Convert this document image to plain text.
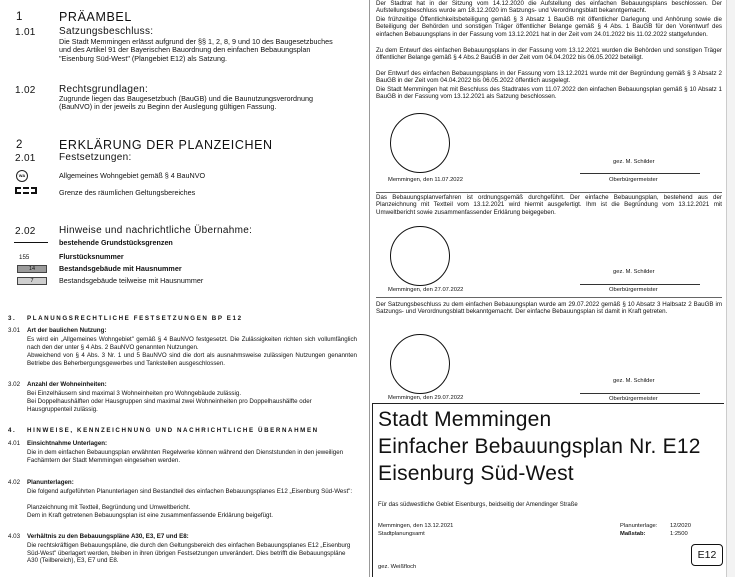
1	PRÄAMBEL
1.01 Satzungsbeschluss:
Die Stadt Memmingen erlässt aufgrund der §§ 1, 2, 8, 9 und 10 des Baugesetzbuches und des Artikel 91 der Bayerischen Bauordnung den einfachen Bebauungsplan "Eisenburg Süd-West" (Plangebiet E12) als Satzung.
1.02 Rechtsgrundlagen:
Zugrunde liegen das Baugesetzbuch (BauGB) und die Baunutzungsverordnung (BauNVO) in der jeweils zu Beginn der Auslegung gültigen Fassung.
2	ERKLÄRUNG DER PLANZEICHEN
2.01 Festsetzungen:
WA	Allgemeines Wohngebiet gemäß § 4 BauNVO
Grenze des räumlichen Geltungsbereiches
2.02 Hinweise und nachrichtliche Übernahme:
bestehende Grundstücksgrenzen
155	Flurstücksnummer
14	Bestandsgebäude mit Hausnummer
7	Bestandsgebäude teilweise mit Hausnummer
3. PLANUNGSRECHTLICHE FESTSETZUNGEN BP E12
3.01 Art der baulichen Nutzung:
Es wird ein „Allgemeines Wohngebiet" gemäß § 4 BauNVO festgesetzt. Die Zulässigkeiten richten sich vollumfänglich nach den der unter § 4 Abs. 2 BauNVO genannten Nutzungen.
Abweichend von § 4 Abs. 3 Nr. 1 und 5 BauNVO sind die dort als ausnahmsweise zulässigen Nutzungen genannten Betriebe des Beherbergungsgewerbes und Tankstellen ausgeschlossen.
3.02 Anzahl der Wohneinheiten:
Bei Einzelhäusern sind maximal 3 Wohneinheiten pro Wohngebäude zulässig.
Bei Doppelhaushälften oder Hausgruppen sind maximal zwei Wohneinheiten pro Doppelhaushälfte oder Hausgruppenteil zulässig.
4. HINWEISE, KENNZEICHNUNG UND NACHRICHTLICHE ÜBERNAHMEN
4.01 Einsichtnahme Unterlagen:
Die in dem einfachen Bebauungsplan erwähnten Regelwerke können während den Dienststunden in den jeweiligen Fachämtern der Stadt Memmingen eingesehen werden.
4.02 Planunterlagen:
Die folgend aufgeführten Planunterlagen sind Bestandteil des einfachen Bebauungsplanes E12 „Eisenburg Süd-West":
Planzeichnung mit Textteil, Begründung und Umweltbericht.
Dem in Kraft getretenen Bebauungsplan ist eine zusammenfassende Erklärung beigefügt.
4.03 Verhältnis zu den Bebauungspläne A30, E3, E7 und E8:
Die rechtskräftigen Bebauungspläne, die durch den Geltungsbereich des einfachen Bebauungsplanes E12 „Eisenburg Süd-West" überlagert werden, bleiben in ihren übrigen Festsetzungen unverändert. Dies betrifft die Bebauungspläne A30 (Teilbereich), E3, E7 und E8.
Der Stadtrat hat in der Sitzung vom 14.12.2020 die Aufstellung des einfachen Bebauungsplans beschlossen. Der Aufstellungsbeschluss wurde am 18.12.2020 im Satzungs- und Verordnungsblatt bekanntgemacht.
Die frühzeitige Öffentlichkeitsbeteiligung gemäß § 3 Absatz 1 BauGB mit öffentlicher Darlegung und Anhörung sowie die Beteiligung der Behörden und sonstigen Träger öffentlicher Belange gemäß § 4 Abs. 1 BauGB für den Vorentwurf des einfachen Bebauungsplans in der Fassung vom 13.12.2021 hat in der Zeit vom 24.01.2022 bis 11.02.2022 stattgefunden.
Zu dem Entwurf des einfachen Bebauungsplans in der Fassung vom 13.12.2021 wurden die Behörden und sonstigen Träger öffentlicher Belange gemäß § 4 Abs.2 BauGB in der Zeit vom 04.04.2022 bis 06.05.2022 beteiligt.
Der Entwurf des einfachen Bebauungsplans in der Fassung vom 13.12.2021 wurde mit der Begründung gemäß § 3 Absatz 2 BauGB in der Zeit vom 04.04.2022 bis 06.05.2022 öffentlich ausgelegt.
Die Stadt Memmingen hat mit Beschluss des Stadtrates vom 11.07.2022 den einfachen Bebauungsplan gemäß § 10 Absatz 1 BauGB in der Fassung vom 13.12.2021 als Satzung beschlossen.
Memmingen, den 11.07.2022
gez. M. Schilder
Oberbürgermeister
Das Bebauungsplanverfahren ist ordnungsgemäß durchgeführt. Der einfache Bebauungsplan, bestehend aus der Planzeichnung mit Textteil vom 13.12.2021 wird hiermit ausgefertigt. Ihm ist die Begründung vom 13.12.2021 mit Umweltbericht sowie zusammenfassender Erklärung beigegeben.
Memmingen, den 27.07.2022
gez. M. Schilder
Oberbürgermeister
Der Satzungsbeschluss zu dem einfachen Bebauungsplan wurde am 29.07.2022 gemäß § 10 Absatz 3 Halbsatz 2 BauGB im Satzungs- und Verordnungsblatt bekanntgemacht. Der einfache Bebauungsplan ist damit in Kraft getreten.
Memmingen, den 29.07.2022
gez. M. Schilder
Oberbürgermeister
Stadt Memmingen
Einfacher Bebauungsplan Nr. E12
Eisenburg Süd-West
Für das südwestliche Gebiet Eisenburgs, beidseitig der Amendinger Straße
Memmingen, den 13.12.2021
Stadtplanungsamt
Planunterlage: 12/2020
Maßstab:	1:2500
gez. Weißfloch
E12
